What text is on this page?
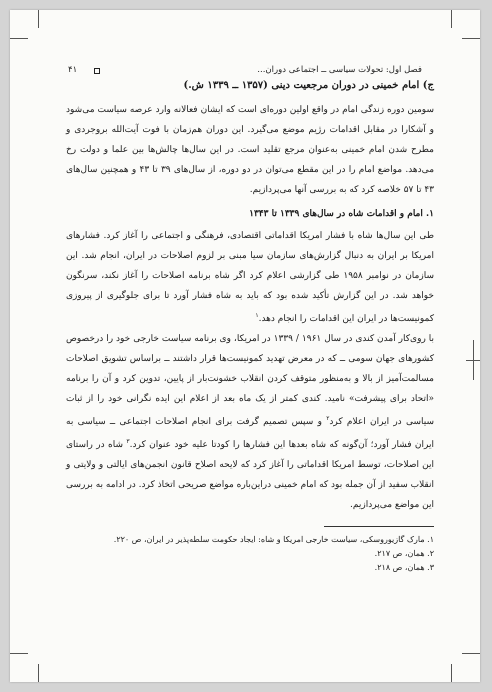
فصل اول: تحولات سیاسی ــ اجتماعی دوران...
۴۱
ج) امام خمینی در دوران مرجعیت دینی (۱۳۵۷ ــ ۱۳۳۹ ش.)

سومین دوره زندگی امام در واقع اولین دوره‌ای است که ایشان فعالانه وارد عرصه سیاست می‌شود و آشکارا در مقابل اقدامات رژیم موضع می‌گیرد. این دوران هم‌زمان با فوت آیت‌الله بروجردی و مطرح شدن امام خمینی به‌عنوان مرجع تقلید است. در این سال‌ها چالش‌ها بین علما و دولت رخ می‌دهد. مواضع امام را در این مقطع می‌توان در دو دوره، از سال‌های ۳۹ تا ۴۳ و همچنین سال‌های ۴۳ تا ۵۷ خلاصه کرد که به بررسی آنها می‌پردازیم.

۱. امام و اقدامات شاه در سال‌های ۱۳۳۹ تا ۱۳۴۳

طی این سال‌ها شاه با فشار امریکا اقداماتی اقتصادی، فرهنگی و اجتماعی را آغاز کرد. فشارهای امریکا بر ایران به دنبال گزارش‌های سازمان سیا مبنی بر لزوم اصلاحات در ایران، انجام شد. این سازمان در نوامبر ۱۹۵۸ طی گزارشی اعلام کرد اگر شاه برنامه اصلاحات را آغاز نکند، سرنگون خواهد شد. در این گزارش تأکید شده بود که باید به شاه فشار آورد تا برای جلوگیری از پیروزی کمونیست‌ها در ایران این اقدامات را انجام دهد.$^۱$

با روی‌کار آمدن کندی در سال ۱۹۶۱ / ۱۳۳۹ در امریکا، وی برنامه سیاست خارجی خود را درخصوص کشورهای جهان سومی ــ که در معرض تهدید کمونیست‌ها قرار داشتند ــ براساس تشویق اصلاحات مسالمت‌آمیز از بالا و به‌منظور متوقف کردن انقلاب خشونت‌بار از پایین، تدوین کرد و آن را برنامه «اتحاد برای پیشرفت» نامید. کندی کمتر از یک ماه بعد از اعلام این ایده نگرانی خود را از ثبات سیاسی در ایران اعلام کرد$^۲$ و سپس تصمیم گرفت برای انجام اصلاحات اجتماعی ــ سیاسی به ایران فشار آورد؛ آن‌گونه که شاه بعدها این فشارها را کودتا علیه خود عنوان کرد.$^۳$ شاه در راستای این اصلاحات، توسط امریکا اقداماتی را آغاز کرد که لایحه اصلاح قانون انجمن‌های ایالتی و ولایتی و انقلاب سفید از آن جمله بود که امام خمینی دراین‌باره مواضع صریحی اتخاذ کرد. در ادامه به بررسی این مواضع می‌پردازیم.

۱. مارک گازیوروسکی، سیاست خارجی امریکا و شاه: ایجاد حکومت سلطه‌پذیر در ایران، ص ۲۲۰.
۲. همان، ص ۲۱۷.
۳. همان، ص ۲۱۸.
